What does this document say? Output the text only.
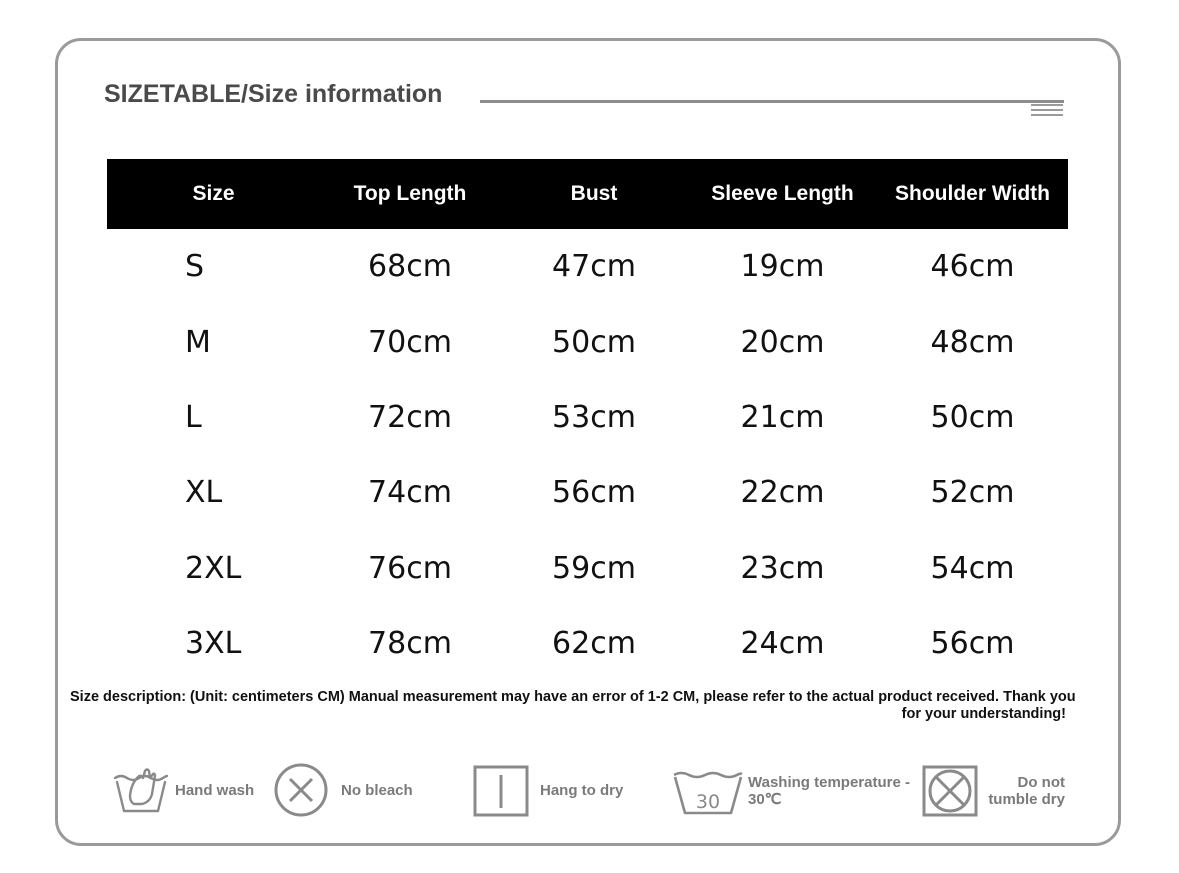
SIZETABLE/Size information
Size	Top Length	Bust	Sleeve Length	Shoulder Width
S	68cm	47cm	19cm	46cm
M	70cm	50cm	20cm	48cm
L	72cm	53cm	21cm	50cm
XL	74cm	56cm	22cm	52cm
2XL	76cm	59cm	23cm	54cm
3XL	78cm	62cm	24cm	56cm
Size description: (Unit: centimeters CM) Manual measurement may have an error of 1-2 CM, please refer to the actual product received. Thank you
for your understanding!
Hand wash	No bleach	Hang to dry
30
Washing temperature -
30℃
Do not
tumble dry
